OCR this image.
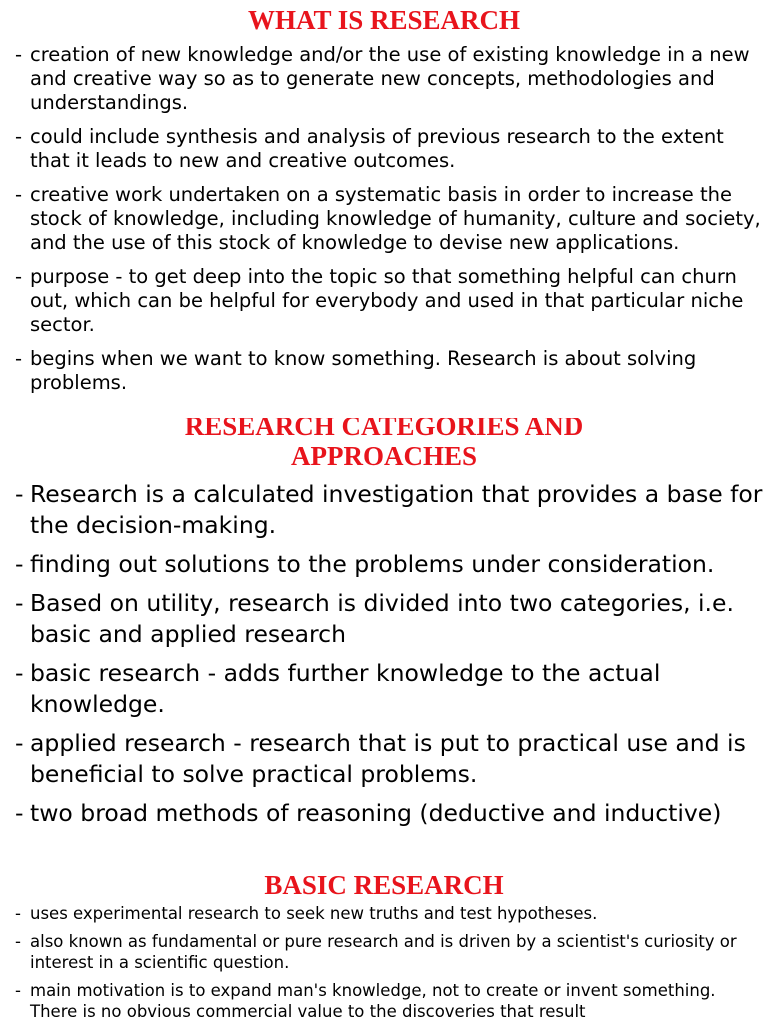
WHAT IS RESEARCH
- creation of new knowledge and/or the use of existing knowledge in a new and creative way so as to generate new concepts, methodologies and understandings.
- could include synthesis and analysis of previous research to the extent that it leads to new and creative outcomes.
- creative work undertaken on a systematic basis in order to increase the stock of knowledge, including knowledge of humanity, culture and society, and the use of this stock of knowledge to devise new applications.
- purpose - to get deep into the topic so that something helpful can churn out, which can be helpful for everybody and used in that particular niche sector.
- begins when we want to know something. Research is about solving problems.
RESEARCH CATEGORIES AND
APPROACHES
- Research is a calculated investigation that provides a base for the decision-making.
- finding out solutions to the problems under consideration.
- Based on utility, research is divided into two categories, i.e. basic and applied research
- basic research - adds further knowledge to the actual knowledge.
- applied research - research that is put to practical use and is beneficial to solve practical problems.
- two broad methods of reasoning (deductive and inductive)
BASIC RESEARCH
- uses experimental research to seek new truths and test hypotheses.
- also known as fundamental or pure research and is driven by a scientist's curiosity or interest in a scientific question.
- main motivation is to expand man's knowledge, not to create or invent something. There is no obvious commercial value to the discoveries that result
